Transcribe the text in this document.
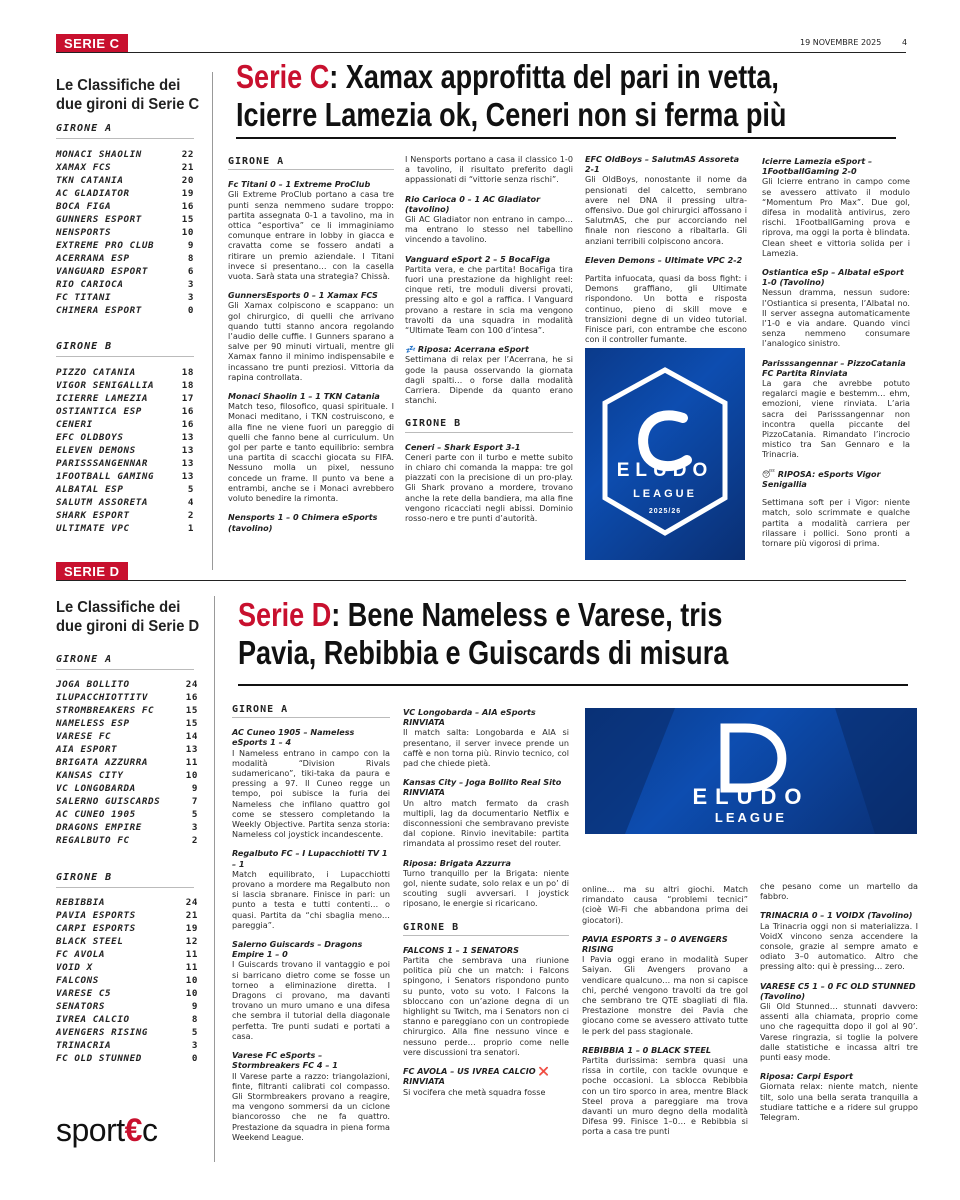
SERIE C	19 NOVEMBRE 2025	4
Le Classifiche dei
due gironi di Serie C
GIRONE A
MONACI SHAOLIN	22
XAMAX FCS	21
TKN CATANIA	20
AC GLADIATOR	19
BOCA FIGA	16
GUNNERS ESPORT	15
NENSPORTS	10
EXTREME PRO CLUB	9
ACERRANA ESP	8
VANGUARD ESPORT	6
RIO CARIOCA	3
FC TITANI	3
CHIMERA ESPORT	0
GIRONE B
PIZZO CATANIA	18
VIGOR SENIGALLIA	18
ICIERRE LAMEZIA	17
OSTIANTICA ESP	16
CENERI	16
EFC OLDBOYS	13
ELEVEN DEMONS	13
PARISSSANGENNAR	13
1FOOTBALL GAMING	13
ALBATAL ESP	5
SALUTM ASSORETA	4
SHARK ESPORT	2
ULTIMATE VPC	1
Serie C: Xamax approfitta del pari in vetta,
Icierre Lamezia ok, Ceneri non si ferma più
GIRONE A
Fc Titani 0 – 1 Extreme ProClub

Gli Extreme ProClub portano a casa tre punti senza nemmeno sudare troppo: partita assegnata 0-1 a tavolino, ma in ottica “esportiva” ce li immaginiamo comunque entrare in lobby in giacca e cravatta come se fossero andati a ritirare un premio aziendale. I Titani invece si presentano… con la casella vuota. Sarà stata una strategia? Chissà.

GunnersEsports 0 – 1 Xamax FCS

Gli Xamax colpiscono e scappano: un gol chirurgico, di quelli che arrivano quando tutti stanno ancora regolando l’audio delle cuffie. I Gunners sparano a salve per 90 minuti virtuali, mentre gli Xamax fanno il minimo indispensabile e incassano tre punti preziosi. Vittoria da rapina controllata.

Monaci Shaolin 1 – 1 TKN Catania

Match teso, filosofico, quasi spirituale. I Monaci meditano, i TKN costruiscono, e alla fine ne viene fuori un pareggio di quelli che fanno bene al curriculum. Un gol per parte e tanto equilibrio: sembra una partita di scacchi giocata su FIFA. Nessuno molla un pixel, nessuno concede un frame. Il punto va bene a entrambi, anche se i Monaci avrebbero voluto benedire la rimonta.

Nensports 1 – 0 Chimera eSports (tavolino)

I Nensports portano a casa il classico 1-0 a tavolino, il risultato preferito dagli appassionati di “vittorie senza rischi”.

Rio Carioca 0 – 1 AC Gladiator (tavolino)

Gli AC Gladiator non entrano in campo… ma entrano lo stesso nel tabellino vincendo a tavolino.

Vanguard eSport 2 – 5 BocaFiga

Partita vera, e che partita! BocaFiga tira fuori una prestazione da highlight reel: cinque reti, tre moduli diversi provati, pressing alto e gol a raffica. I Vanguard provano a restare in scia ma vengono travolti da una squadra in modalità “Ultimate Team con 100 d’intesa”.

💤 Riposa: Acerrana eSport

Settimana di relax per l’Acerrana, he si gode la pausa osservando la giornata dagli spalti… o forse dalla modalità Carriera. Dipende da quanto erano stanchi.

GIRONE B
Ceneri – Shark Esport 3-1

Ceneri parte con il turbo e mette subito in chiaro chi comanda la mappa: tre gol piazzati con la precisione di un pro-play. Gli Shark provano a mordere, trovano anche la rete della bandiera, ma alla fine vengono ricacciati negli abissi. Dominio rosso-nero e tre punti d’autorità.

EFC OldBoys – SalutmAS Assoreta 2-1

Gli OldBoys, nonostante il nome da pensionati del calcetto, sembrano avere nel DNA il pressing ultra-offensivo. Due gol chirurgici affossano i SalutmAS, che pur accorciando nel finale non riescono a ribaltarla. Gli anziani terribili colpiscono ancora.

Eleven Demons – Ultimate VPC 2-2

Partita infuocata, quasi da boss fight: i Demons graffiano, gli Ultimate rispondono. Un botta e risposta continuo, pieno di skill move e transizioni degne di un video tutorial. Finisce pari, con entrambe che escono con il controller fumante.

ELUDO
LEAGUE
2025/26
Icierre Lamezia eSport – 1FootballGaming 2-0

Gli Icierre entrano in campo come se avessero attivato il modulo “Momentum Pro Max”. Due gol, difesa in modalità antivirus, zero rischi. 1FootballGaming prova e riprova, ma oggi la porta è blindata. Clean sheet e vittoria solida per i Lamezia.

Ostiantica eSp – Albatal eSport 1-0 (Tavolino)

Nessun dramma, nessun sudore: l’Ostiantica si presenta, l’Albatal no. Il server assegna automaticamente l’1-0 e via andare. Quando vinci senza nemmeno consumare l’analogico sinistro.

Parisssangennar – PizzoCatania FC Partita Rinviata

La gara che avrebbe potuto regalarci magie e bestemm… ehm, emozioni, viene rinviata. L’aria sacra dei Parisssangennar non incontra quella piccante del PizzoCatania. Rimandato l’incrocio mistico tra San Gennaro e la Trinacria.

😴 RIPOSA: eSports Vigor Senigallia

Settimana soft per i Vigor: niente match, solo scrimmate e qualche partita a modalità carriera per rilassare i pollici. Sono pronti a tornare più vigorosi di prima.

SERIE D
Le Classifiche dei
due gironi di Serie D
GIRONE A
JOGA BOLLITO	24
ILUPACCHIOTTITV	16
STROMBREAKERS FC	15
NAMELESS ESP	15
VARESE FC	14
AIA ESPORT	13
BRIGATA AZZURRA	11
KANSAS CITY	10
VC LONGOBARDA	9
SALERNO GUISCARDS	7
AC CUNEO 1905	5
DRAGONS EMPIRE	3
REGALBUTO FC	2
GIRONE B
REBIBBIA	24
PAVIA ESPORTS	21
CARPI ESPORTS	19
BLACK STEEL	12
FC AVOLA	11
VOID X	11
FALCONS	10
VARESE C5	10
SENATORS	9
IVREA CALCIO	8
AVENGERS RISING	5
TRINACRIA	3
FC OLD STUNNED	0
Serie D: Bene Nameless e Varese, tris
Pavia, Rebibbia e Guiscards di misura
GIRONE A
AC Cuneo 1905 – Nameless eSports 1 – 4

I Nameless entrano in campo con la modalità “Division Rivals sudamericano”, tiki-taka da paura e pressing a 97. Il Cuneo regge un tempo, poi subisce la furia dei Nameless che infilano quattro gol come se stessero completando la Weekly Objective. Partita senza storia: Nameless col joystick incandescente.

Regalbuto FC – I Lupacchiotti TV 1 – 1

Match equilibrato, i Lupacchiotti provano a mordere ma Regalbuto non si lascia sbranare. Finisce in pari: un punto a testa e tutti contenti… o quasi. Partita da “chi sbaglia meno… pareggia”.

Salerno Guiscards – Dragons Empire 1 – 0

I Guiscards trovano il vantaggio e poi si barricano dietro come se fosse un torneo a eliminazione diretta. I Dragons ci provano, ma davanti trovano un muro umano e una difesa che sembra il tutorial della diagonale perfetta. Tre punti sudati e portati a casa.

Varese FC eSports – Stormbreakers FC 4 – 1

Il Varese parte a razzo: triangolazioni, finte, filtranti calibrati col compasso. Gli Stormbreakers provano a reagire, ma vengono sommersi da un ciclone biancorosso che ne fa quattro. Prestazione da squadra in piena forma Weekend League.

VC Longobarda – AIA eSports RINVIATA

Il match salta: Longobarda e AIA si presentano, il server invece prende un caffè e non torna più. Rinvio tecnico, col pad che chiede pietà.

Kansas City – Joga Bollito Real Sito RINVIATA

Un altro match fermato da crash multipli, lag da documentario Netflix e disconnessioni che sembravano previste dal copione. Rinvio inevitabile: partita rimandata al prossimo reset del router.

Riposa: Brigata Azzurra

Turno tranquillo per la Brigata: niente gol, niente sudate, solo relax e un po’ di scouting sugli avversari. I joystick riposano, le energie si ricaricano.

GIRONE B
FALCONS 1 – 1 SENATORS

Partita che sembrava una riunione politica più che un match: i Falcons spingono, i Senators rispondono punto su punto, voto su voto. I Falcons la sbloccano con un’azione degna di un highlight su Twitch, ma i Senators non ci stanno e pareggiano con un contropiede chirurgico. Alla fine nessuno vince e nessuno perde… proprio come nelle vere discussioni tra senatori.

FC AVOLA – US IVREA CALCIO ❌
RINVIATA

Si vocifera che metà squadra fosse

ELUDO
LEAGUE

online… ma su altri giochi. Match rimandato causa “problemi tecnici” (cioè Wi-Fi che abbandona prima dei giocatori).

PAVIA ESPORTS 3 – 0 AVENGERS RISING

I Pavia oggi erano in modalità Super Saiyan. Gli Avengers provano a vendicare qualcuno… ma non si capisce chi, perché vengono travolti da tre gol che sembrano tre QTE sbagliati di fila. Prestazione monstre dei Pavia che giocano come se avessero attivato tutte le perk del pass stagionale.

REBIBBIA 1 – 0 BLACK STEEL

Partita durissima: sembra quasi una rissa in cortile, con tackle ovunque e poche occasioni. La sblocca Rebibbia con un tiro sporco in area, mentre Black Steel prova a pareggiare ma trova davanti un muro degno della modalità Difesa 99. Finisce 1–0… e Rebibbia si porta a casa tre punti

che pesano come un martello da fabbro.

TRINACRIA 0 – 1 VOIDX (Tavolino)

La Trinacria oggi non si materializza. I VoidX vincono senza accendere la console, grazie al sempre amato e odiato 3–0 automatico. Altro che pressing alto: qui è pressing… zero.

VARESE C5 1 – 0 FC OLD STUNNED (Tavolino)

Gli Old Stunned… stunnati davvero: assenti alla chiamata, proprio come uno che ragequitta dopo il gol al 90’. Varese ringrazia, si toglie la polvere dalle statistiche e incassa altri tre punti easy mode.

Riposa: Carpi Esport

Giornata relax: niente match, niente tilt, solo una bella serata tranquilla a studiare tattiche e a ridere sul gruppo Telegram.

sport€c
